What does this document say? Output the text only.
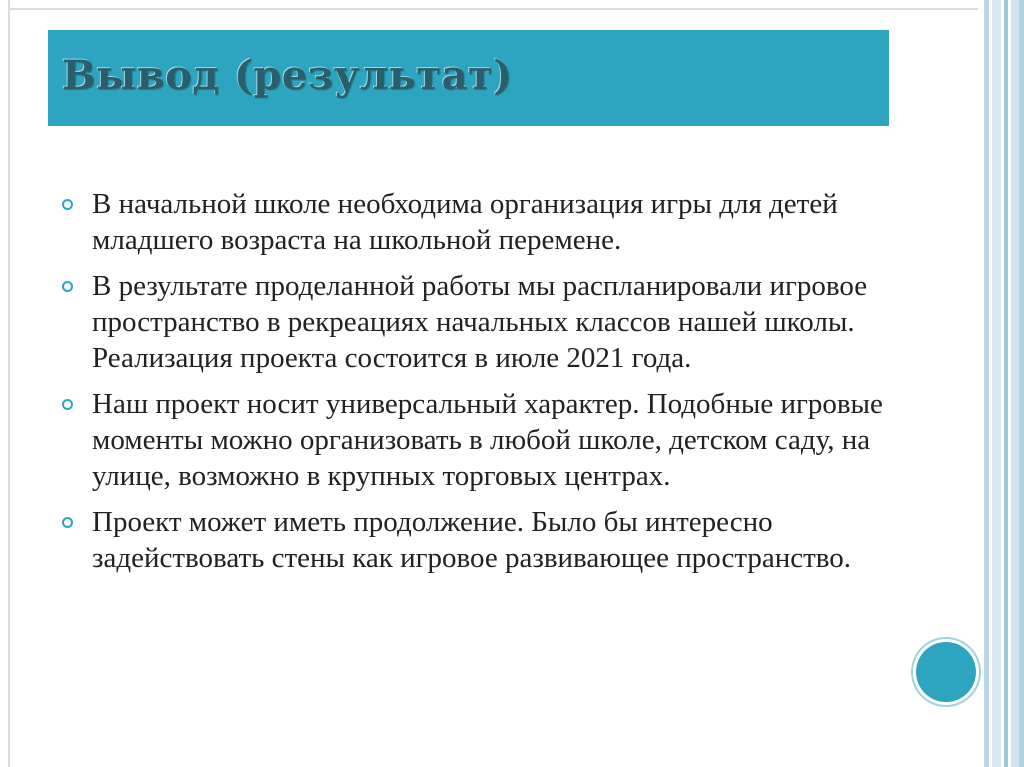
Вывод (результат)
В начальной школе необходима организация игры для детей младшего возраста на школьной перемене.
В результате проделанной работы мы распланировали игровое пространство в рекреациях начальных классов нашей школы. Реализация проекта состоится в июле 2021 года.
Наш проект носит универсальный характер. Подобные игровые моменты можно организовать в любой школе, детском саду, на улице, возможно в крупных торговых центрах.
Проект может иметь продолжение. Было бы интересно задействовать стены как игровое развивающее пространство.
